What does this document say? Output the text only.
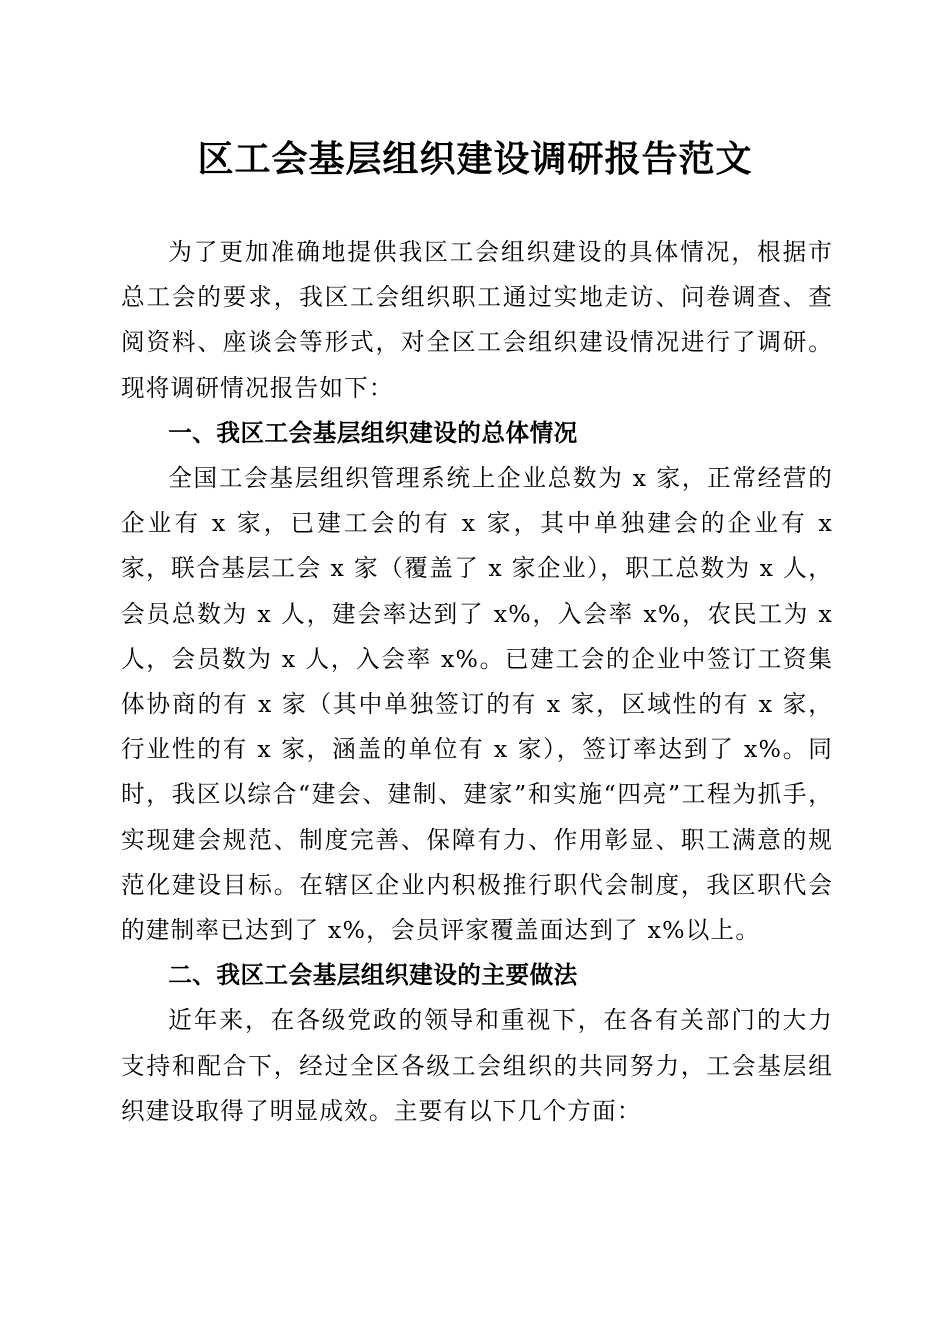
区工会基层组织建设调研报告范文

为了更加准确地提供我区工会组织建设的具体情况，根据市总工会的要求，我区工会组织职工通过实地走访、问卷调查、查阅资料、座谈会等形式，对全区工会组织建设情况进行了调研。现将调研情况报告如下：

一、我区工会基层组织建设的总体情况

全国工会基层组织管理系统上企业总数为 x 家，正常经营的企业有 x 家，已建工会的有 x 家，其中单独建会的企业有 x 家，联合基层工会 x 家（覆盖了 x 家企业），职工总数为 x 人，会员总数为 x 人，建会率达到了 x%，入会率 x%，农民工为 x 人，会员数为 x 人，入会率 x%。已建工会的企业中签订工资集体协商的有 x 家（其中单独签订的有 x 家，区域性的有 x 家，行业性的有 x 家，涵盖的单位有 x 家），签订率达到了 x%。同时，我区以综合“建会、建制、建家”和实施“四亮”工程为抓手，实现建会规范、制度完善、保障有力、作用彰显、职工满意的规范化建设目标。在辖区企业内积极推行职代会制度，我区职代会的建制率已达到了 x%，会员评家覆盖面达到了 x%以上。

二、我区工会基层组织建设的主要做法

近年来，在各级党政的领导和重视下，在各有关部门的大力支持和配合下，经过全区各级工会组织的共同努力，工会基层组织建设取得了明显成效。主要有以下几个方面：
